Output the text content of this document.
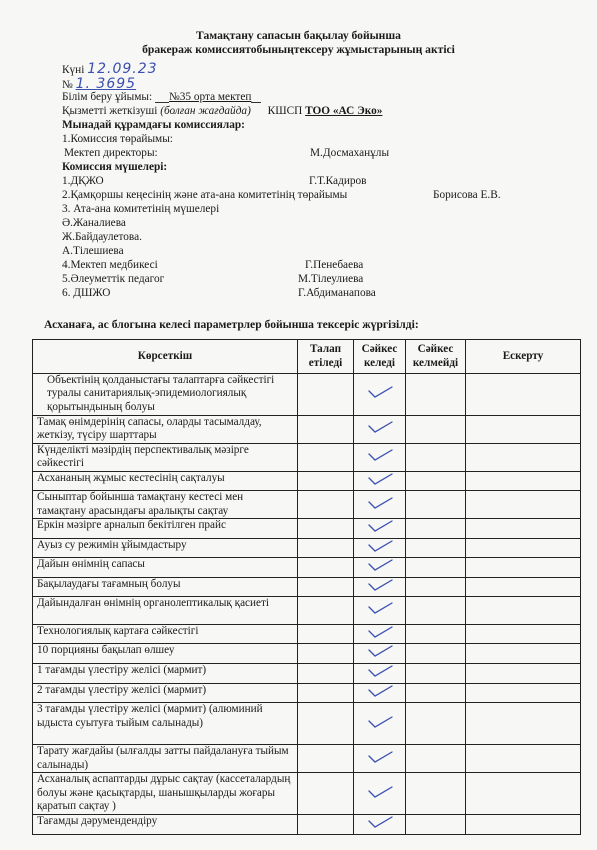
Тамақтану сапасын бақылау бойынша
бракераж комиссиятобыныңтексеру жұмыстарының актісі
Күні 12.09.23
№ 1. 3695
Білім беру ұйымы: №35 орта мектеп
Қызметті жеткізуші (болған жағдайда) КШСП ТОО «АС Эко»
Мынадай құрамдағы комиссиялар:
1.Комиссия төрайымы:
Мектеп директоры:	М.Досмаханұлы
Комиссия мүшелері:
1.ДҚЖО	Г.Т.Кадиров
2.Қамқоршы кеңесінің және ата-ана комитетінің төрайымы	Борисова Е.В.
3. Ата-ана комитетінің мүшелері
Ә.Жаналиева
Ж.Байдаулетова.
А.Тілешиева
4.Мектеп медбикесі	Г.Пенебаева
5.Әлеуметтік педагог	М.Тілеулиева
6. ДШЖО	Г.Абдиманапова
Асханаға, ас блогына келесі параметрлер бойынша тексеріс жүргізілді:
Көрсеткіш	Талап етіледі	Сәйкес келеді	Сәйкес келмейді	Ескерту
Объектінің қолданыстағы талаптарға сәйкестігі туралы санитариялық-эпидемиологиялық қорытындының болуы				
Тамақ өнімдерінің сапасы, оларды тасымалдау, жеткізу, түсіру шарттары				
Күнделікті мәзірдің перспективалық мәзірге сәйкестігі				
Асхананың жұмыс кестесінің сақталуы				
Сыныптар бойынша тамақтану кестесі мен тамақтану арасындағы аралықты сақтау				
Еркін мәзірге арналып бекітілген прайс				
Ауыз су режимін ұйымдастыру				
Дайын өнімнің сапасы				
Бақылаудағы тағамның болуы				
Дайындалған өнімнің органолептикалық қасиеті				
Технологиялық картаға сәйкестігі				
10 порцияны бақылап өлшеу				
1 тағамды үлестіру желісі (мармит)				
2 тағамды үлестіру желісі (мармит)				
3 тағамды үлестіру желісі (мармит) (алюминий ыдыста суытуға тыйым салынады)				
Тарату жағдайы (ылғалды затты пайдалануға тыйым салынады)				
Асханалық аспаптарды дұрыс сақтау (кассеталардың болуы және қасықтарды, шанышқыларды жоғары қаратып сақтау )				
Тағамды дәрумендендіру				
